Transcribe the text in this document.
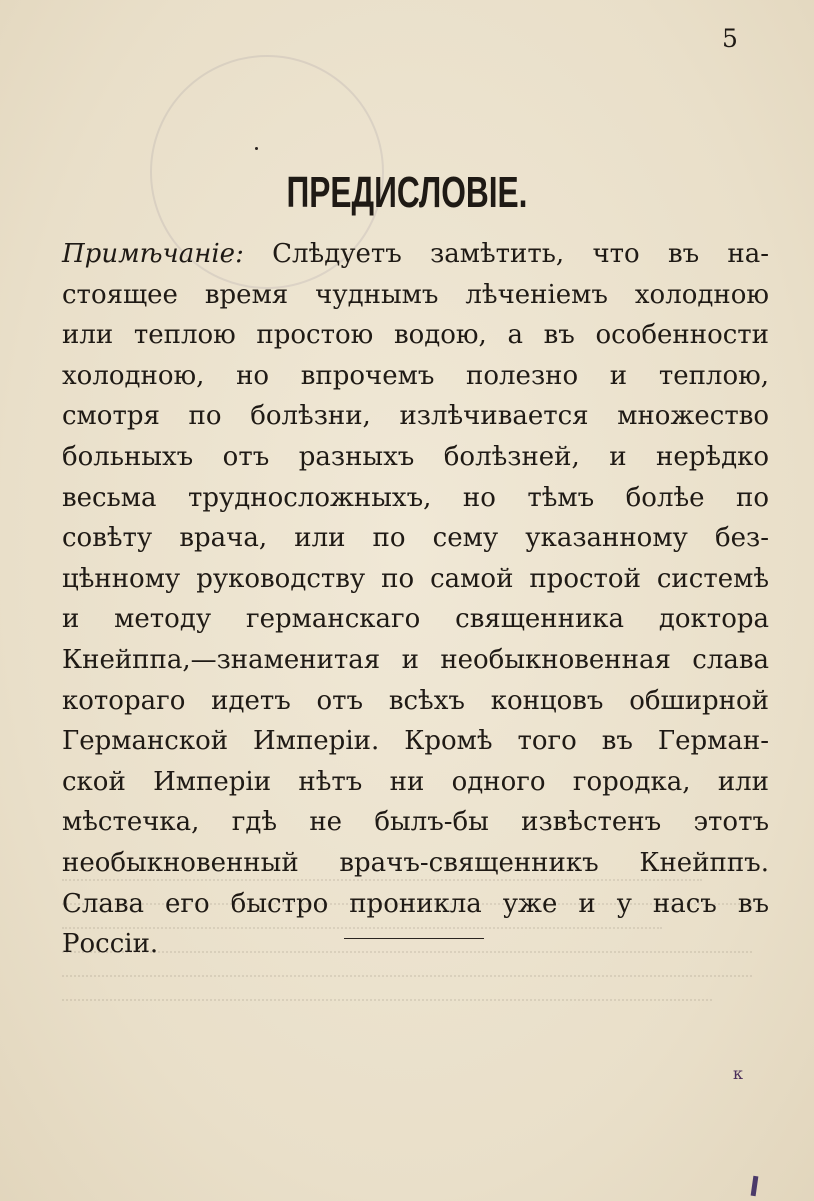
‍
5
ПРЕДИСЛОВІЕ.
Примѣчаніе: Слѣдуетъ замѣтить, что въ на-
стоящее время чуднымъ лѣченіемъ холодною
или теплою простою водою, а въ особенности
холодною, но впрочемъ полезно и теплою,
смотря по болѣзни, излѣчивается множество
больныхъ отъ разныхъ болѣзней, и нерѣдко
весьма трудносложныхъ, но тѣмъ болѣе по
совѣту врача, или по сему указанному без-
цѣнному руководству по самой простой системѣ
и методу германскаго священника доктора
Кнейппа,—знаменитая и необыкновенная слава
котораго идетъ отъ всѣхъ концовъ обширной
Германской Имперіи. Кромѣ того въ Герман-
ской Имперіи нѣтъ ни одного городка, или
мѣстечка, гдѣ не былъ-бы извѣстенъ этотъ
необыкновенный врачъ-священникъ Кнейппъ.
Слава его быстро проникла уже и у насъ въ
Россіи.
к
